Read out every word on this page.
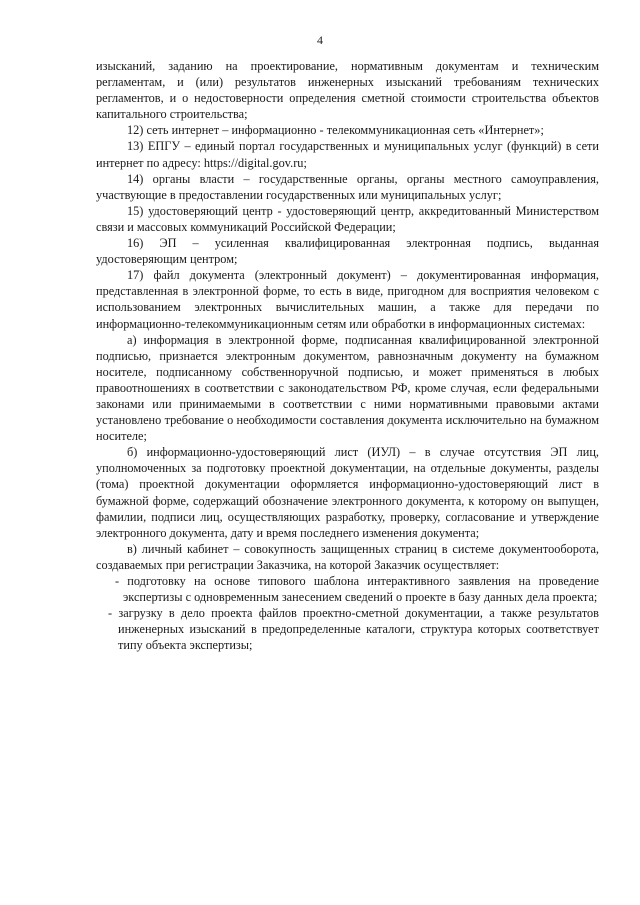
4

изысканий, заданию на проектирование, нормативным документам и техническим регламентам, и (или) результатов инженерных изысканий требованиям технических регламентов, и о недостоверности определения сметной стоимости строительства объектов капитального строительства;

12) сеть интернет – информационно - телекоммуникационная сеть «Интернет»;

13) ЕПГУ – единый портал государственных и муниципальных услуг (функций) в сети интернет по адресу: https://digital.gov.ru;

14) органы власти – государственные органы, органы местного самоуправления, участвующие в предоставлении государственных или муниципальных услуг;

15) удостоверяющий центр - удостоверяющий центр, аккредитованный Министерством связи и массовых коммуникаций Российской Федерации;

16) ЭП – усиленная квалифицированная электронная подпись, выданная удостоверяющим центром;

17) файл документа (электронный документ) – документированная информация, представленная в электронной форме, то есть в виде, пригодном для восприятия человеком с использованием электронных вычислительных машин, а также для передачи по информационно-телекоммуникационным сетям или обработки в информационных системах:

а) информация в электронной форме, подписанная квалифицированной электронной подписью, признается электронным документом, равнозначным документу на бумажном носителе, подписанному собственноручной подписью, и может применяться в любых правоотношениях в соответствии с законодательством РФ, кроме случая, если федеральными законами или принимаемыми в соответствии с ними нормативными правовыми актами установлено требование о необходимости составления документа исключительно на бумажном носителе;

б) информационно-удостоверяющий лист (ИУЛ) – в случае отсутствия ЭП лиц, уполномоченных за подготовку проектной документации, на отдельные документы, разделы (тома) проектной документации оформляется информационно-удостоверяющий лист в бумажной форме, содержащий обозначение электронного документа, к которому он выпущен, фамилии, подписи лиц, осуществляющих разработку, проверку, согласование и утверждение электронного документа, дату и время последнего изменения документа;

в) личный кабинет – совокупность защищенных страниц в системе документооборота, создаваемых при регистрации Заказчика, на которой Заказчик осуществляет:

- подготовку на основе типового шаблона интерактивного заявления на проведение экспертизы с одновременным занесением сведений о проекте в базу данных дела проекта;

- загрузку в дело проекта файлов проектно-сметной документации, а также результатов инженерных изысканий в предопределенные каталоги, структура которых соответствует типу объекта экспертизы;
